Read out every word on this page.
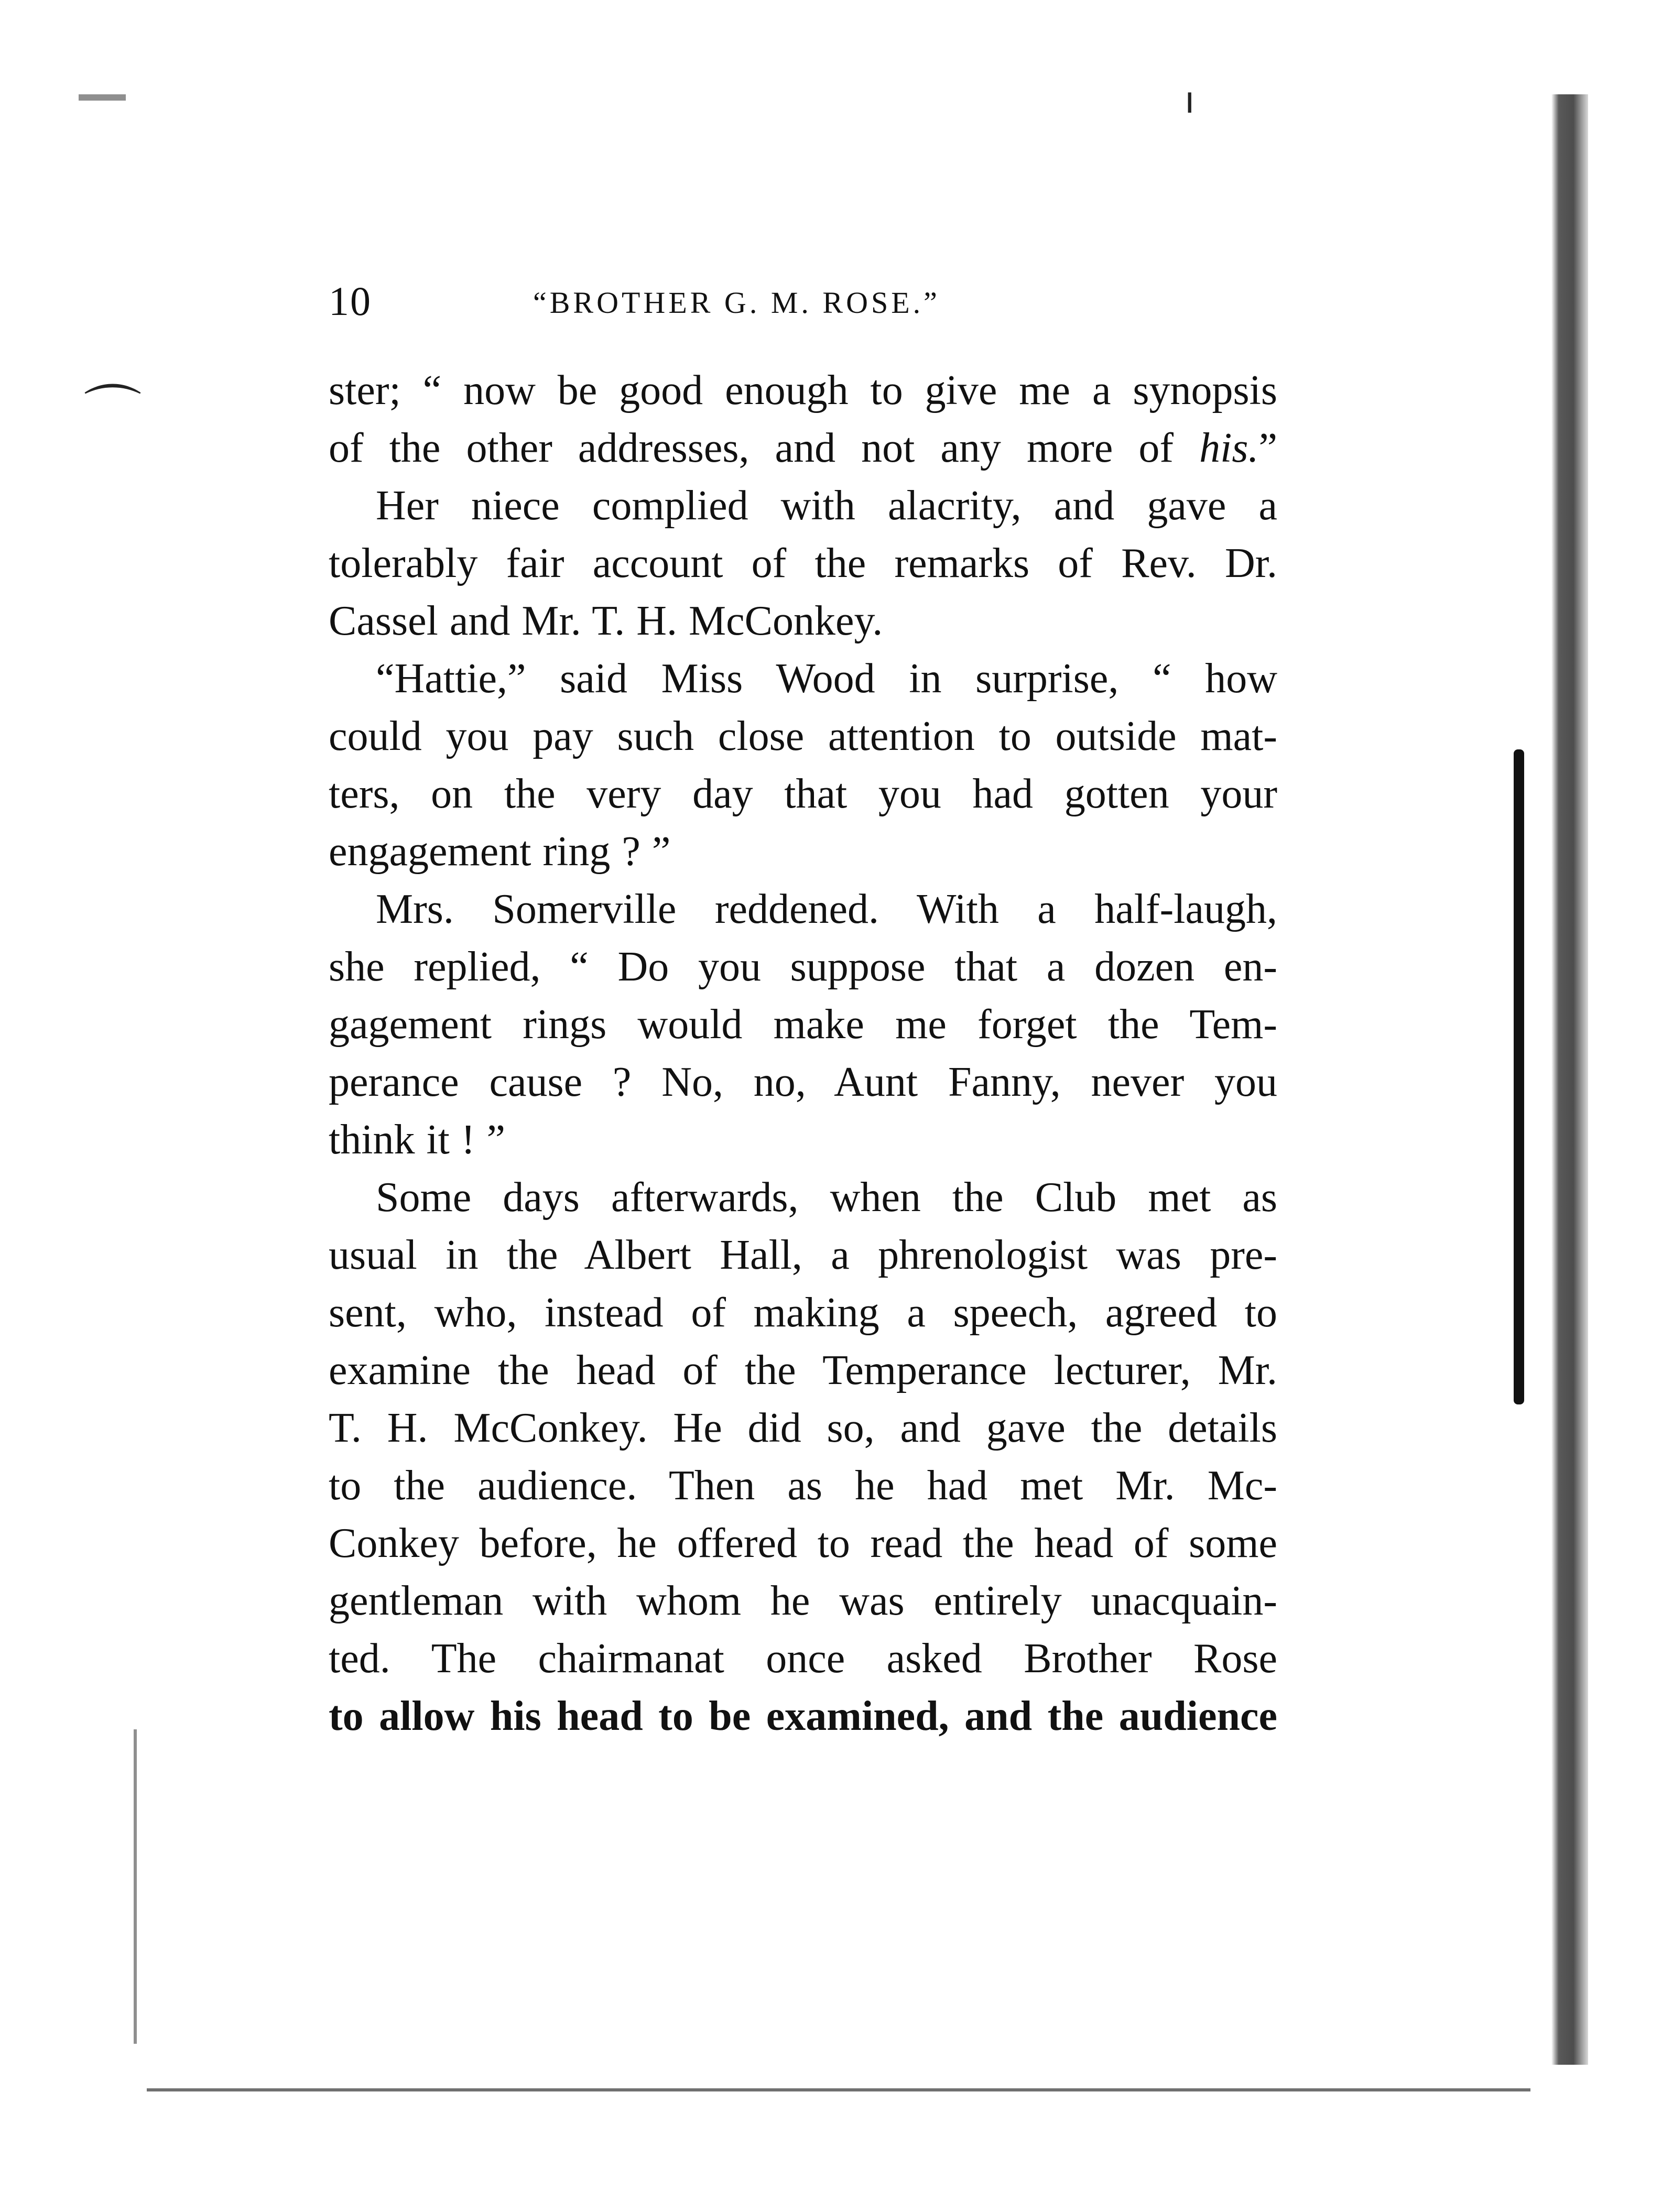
⌒
ı
10	“BROTHER G. M. ROSE.”
ster; “ now be good enough to give me a synopsis
of the other addresses, and not any more of his.”
Her niece complied with alacrity, and gave a
tolerably fair account of the remarks of Rev. Dr.
Cassel and Mr. T. H. McConkey.
“Hattie,” said Miss Wood in surprise, “ how
could you pay such close attention to outside mat-
ters, on the very day that you had gotten your
engagement ring ? ”
Mrs. Somerville reddened. With a half-laugh,
she replied, “ Do you suppose that a dozen en-
gagement rings would make me forget the Tem-
perance cause ? No, no, Aunt Fanny, never you
think it ! ”
Some days afterwards, when the Club met as
usual in the Albert Hall, a phrenologist was pre-
sent, who, instead of making a speech, agreed to
examine the head of the Temperance lecturer, Mr.
T. H. McConkey. He did so, and gave the details
to the audience. Then as he had met Mr. Mc-
Conkey before, he offered to read the head of some
gentleman with whom he was entirely unacquain-
ted. The chairmanat once asked Brother Rose
to allow his head to be examined, and the audience
